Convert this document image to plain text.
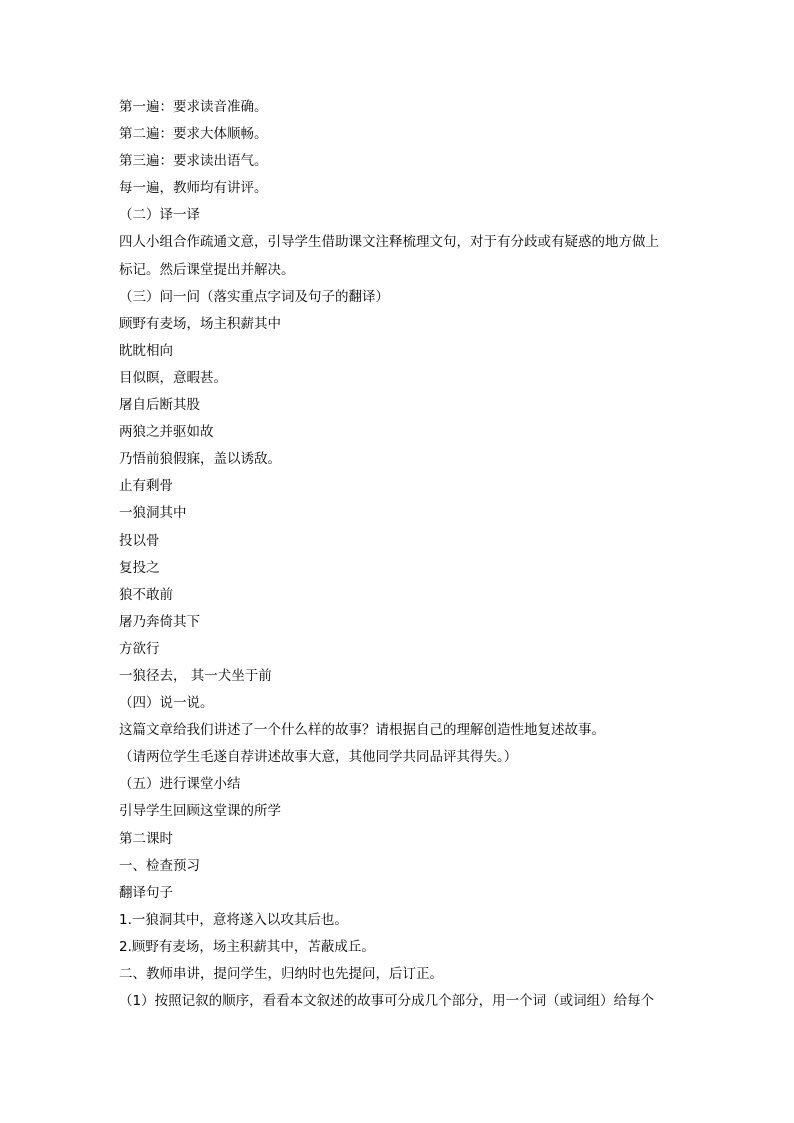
第一遍：要求读音准确。
第二遍：要求大体顺畅。
第三遍：要求读出语气。
每一遍，教师均有讲评。
（二）译一译
四人小组合作疏通文意，引导学生借助课文注释梳理文句，对于有分歧或有疑惑的地方做上
标记。然后课堂提出并解决。
（三）问一问（落实重点字词及句子的翻译）
顾野有麦场，场主积薪其中
眈眈相向
目似瞑，意暇甚。
屠自后断其股
两狼之并驱如故
乃悟前狼假寐，盖以诱敌。
止有剩骨
一狼洞其中
投以骨
复投之
狼不敢前
屠乃奔倚其下
方欲行
一狼径去， 其一犬坐于前
（四）说一说。
这篇文章给我们讲述了一个什么样的故事？请根据自己的理解创造性地复述故事。
（请两位学生毛遂自荐讲述故事大意，其他同学共同品评其得失。）
（五）进行课堂小结
引导学生回顾这堂课的所学
第二课时
一、检查预习
翻译句子
1.一狼洞其中，意将遂入以攻其后也。
2.顾野有麦场，场主积薪其中，苫蔽成丘。
二、教师串讲，提问学生，归纳时也先提问，后订正。
（1）按照记叙的顺序，看看本文叙述的故事可分成几个部分，用一个词（或词组）给每个
